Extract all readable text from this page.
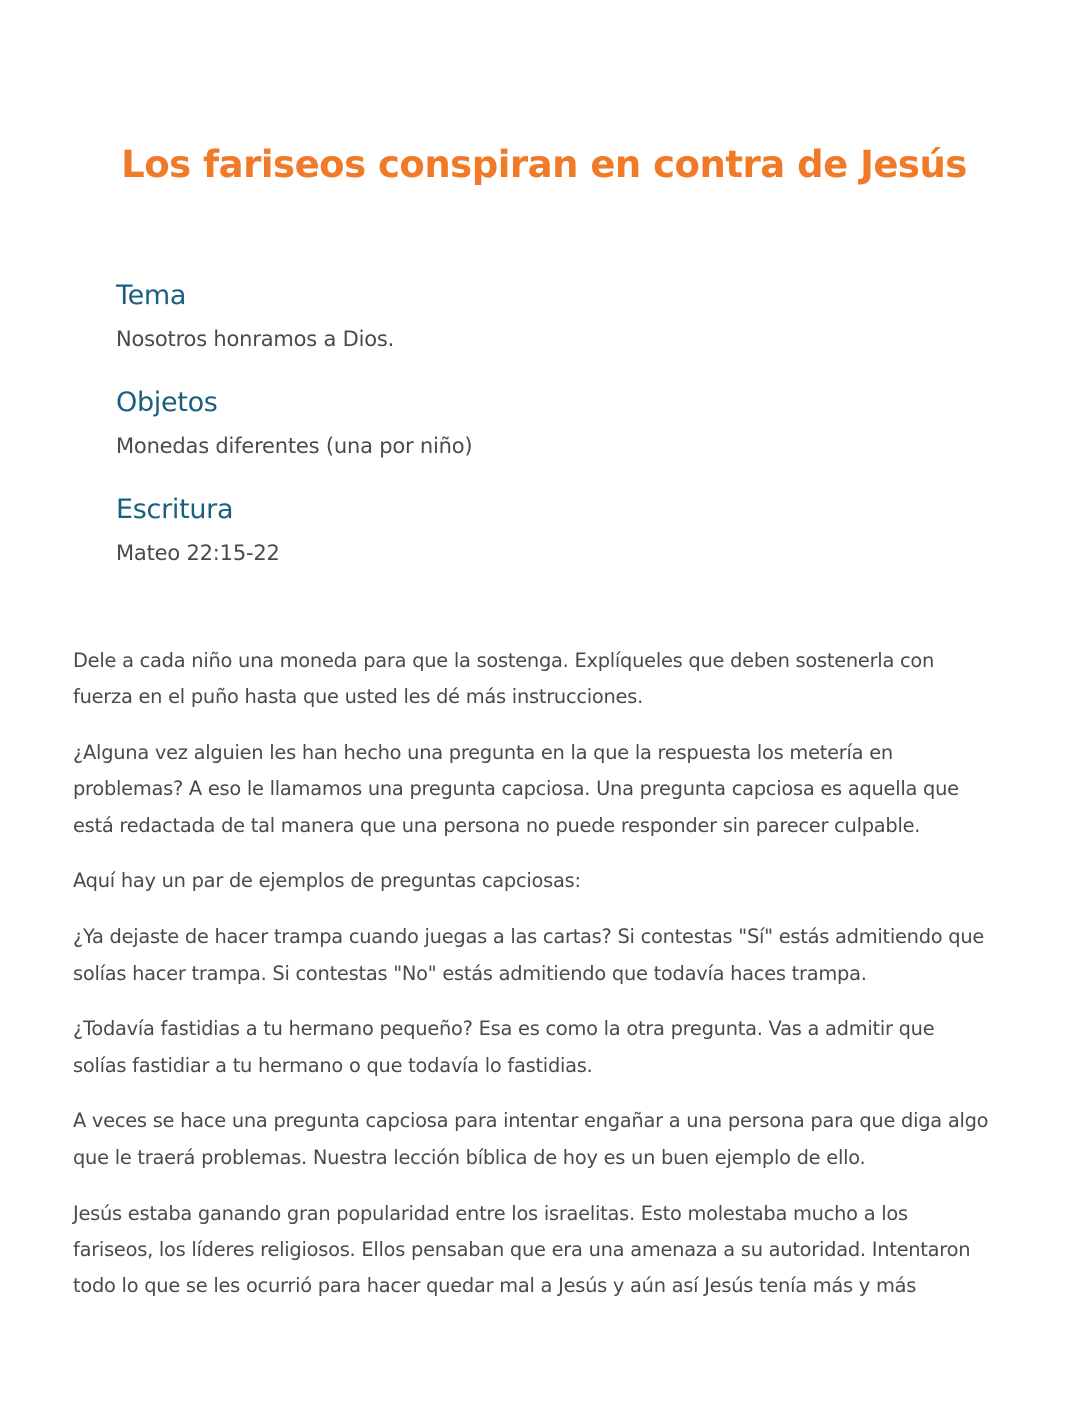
Los fariseos conspiran en contra de Jesús
Tema

Nosotros honramos a Dios.

Objetos

Monedas diferentes (una por niño)

Escritura

Mateo 22:15-22

Dele a cada niño una moneda para que la sostenga. Explíqueles que deben sostenerla con
fuerza en el puño hasta que usted les dé más instrucciones.

¿Alguna vez alguien les han hecho una pregunta en la que la respuesta los metería en
problemas? A eso le llamamos una pregunta capciosa. Una pregunta capciosa es aquella que
está redactada de tal manera que una persona no puede responder sin parecer culpable.

Aquí hay un par de ejemplos de preguntas capciosas:

¿Ya dejaste de hacer trampa cuando juegas a las cartas? Si contestas "Sí" estás admitiendo que
solías hacer trampa. Si contestas "No" estás admitiendo que todavía haces trampa.

¿Todavía fastidias a tu hermano pequeño? Esa es como la otra pregunta. Vas a admitir que
solías fastidiar a tu hermano o que todavía lo fastidias.

A veces se hace una pregunta capciosa para intentar engañar a una persona para que diga algo
que le traerá problemas. Nuestra lección bíblica de hoy es un buen ejemplo de ello.

Jesús estaba ganando gran popularidad entre los israelitas. Esto molestaba mucho a los
fariseos, los líderes religiosos. Ellos pensaban que era una amenaza a su autoridad. Intentaron
todo lo que se les ocurrió para hacer quedar mal a Jesús y aún así Jesús tenía más y más
